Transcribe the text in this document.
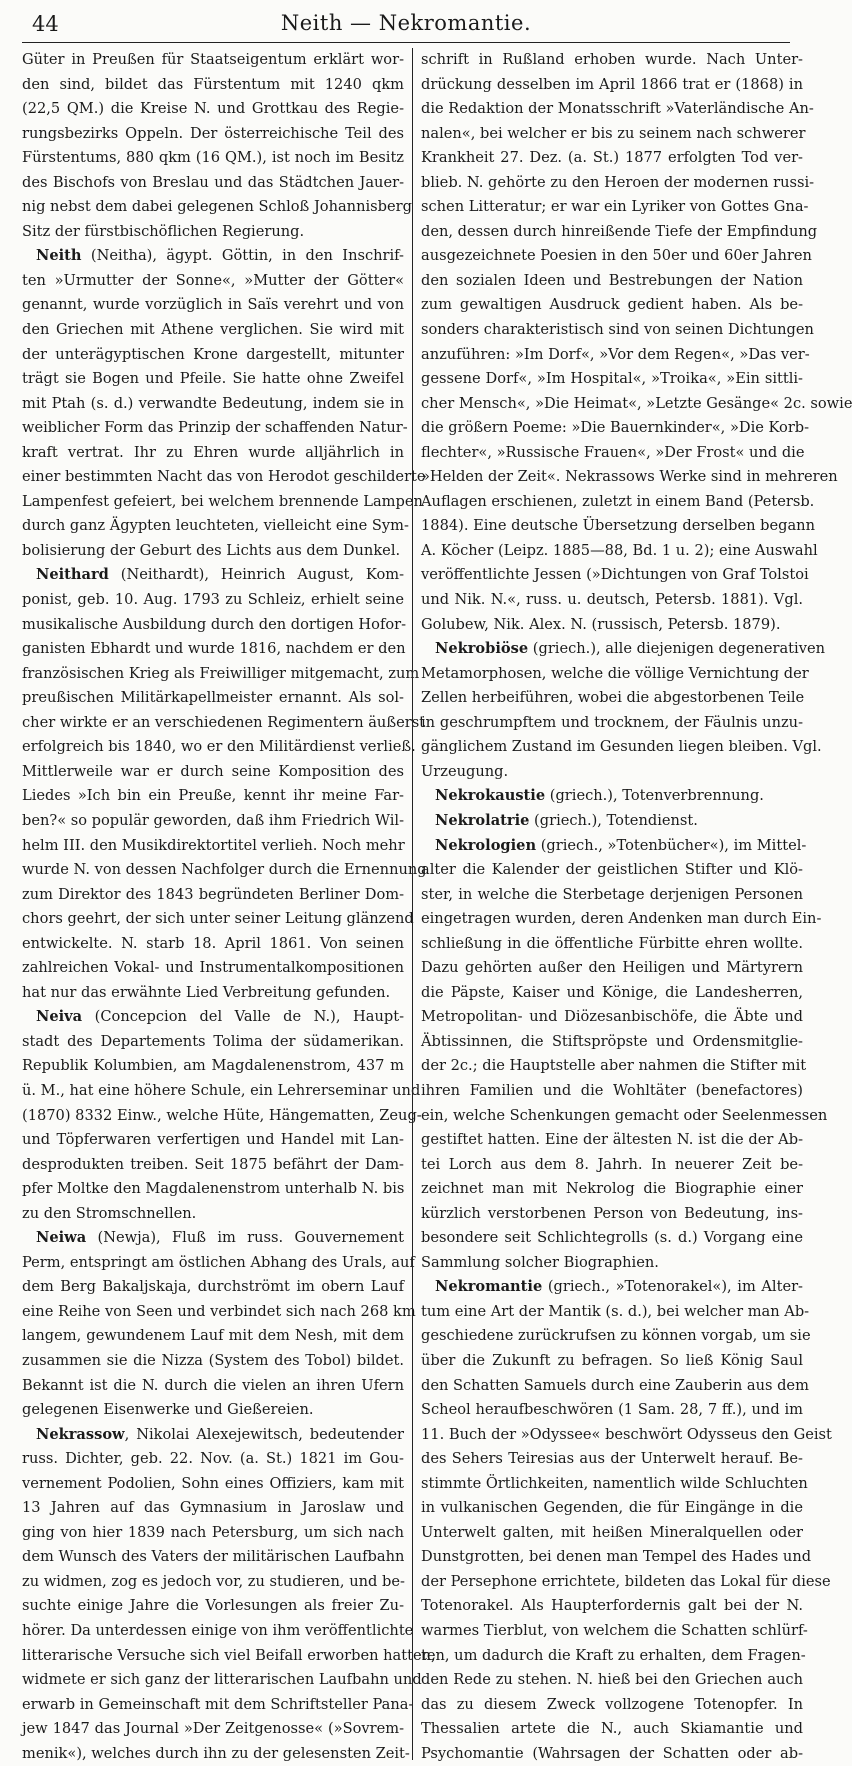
44	Neith — Nekromantie.
Güter in Preußen für Staatseigentum erklärt wor-
den sind, bildet das Fürstentum mit 1240 qkm
(22,5 QM.) die Kreise N. und Grottkau des Regie-
rungsbezirks Oppeln. Der österreichische Teil des
Fürstentums, 880 qkm (16 QM.), ist noch im Besitz
des Bischofs von Breslau und das Städtchen Jauer-
nig nebst dem dabei gelegenen Schloß Johannisberg
Sitz der fürstbischöflichen Regierung.
Neith (Neitha), ägypt. Göttin, in den Inschrif-
ten »Urmutter der Sonne«, »Mutter der Götter«
genannt, wurde vorzüglich in Saïs verehrt und von
den Griechen mit Athene verglichen. Sie wird mit
der unterägyptischen Krone dargestellt, mitunter
trägt sie Bogen und Pfeile. Sie hatte ohne Zweifel
mit Ptah (s. d.) verwandte Bedeutung, indem sie in
weiblicher Form das Prinzip der schaffenden Natur-
kraft vertrat. Ihr zu Ehren wurde alljährlich in
einer bestimmten Nacht das von Herodot geschilderte
Lampenfest gefeiert, bei welchem brennende Lampen
durch ganz Ägypten leuchteten, vielleicht eine Sym-
bolisierung der Geburt des Lichts aus dem Dunkel.
Neithard (Neithardt), Heinrich August, Kom-
ponist, geb. 10. Aug. 1793 zu Schleiz, erhielt seine
musikalische Ausbildung durch den dortigen Hofor-
ganisten Ebhardt und wurde 1816, nachdem er den
französischen Krieg als Freiwilliger mitgemacht, zum
preußischen Militärkapellmeister ernannt. Als sol-
cher wirkte er an verschiedenen Regimentern äußerst
erfolgreich bis 1840, wo er den Militärdienst verließ.
Mittlerweile war er durch seine Komposition des
Liedes »Ich bin ein Preuße, kennt ihr meine Far-
ben?« so populär geworden, daß ihm Friedrich Wil-
helm III. den Musikdirektortitel verlieh. Noch mehr
wurde N. von dessen Nachfolger durch die Ernennung
zum Direktor des 1843 begründeten Berliner Dom-
chors geehrt, der sich unter seiner Leitung glänzend
entwickelte. N. starb 18. April 1861. Von seinen
zahlreichen Vokal- und Instrumentalkompositionen
hat nur das erwähnte Lied Verbreitung gefunden.
Neiva (Concepcion del Valle de N.), Haupt-
stadt des Departements Tolima der südamerikan.
Republik Kolumbien, am Magdalenenstrom, 437 m
ü. M., hat eine höhere Schule, ein Lehrerseminar und
(1870) 8332 Einw., welche Hüte, Hängematten, Zeug-
und Töpferwaren verfertigen und Handel mit Lan-
desprodukten treiben. Seit 1875 befährt der Dam-
pfer Moltke den Magdalenenstrom unterhalb N. bis
zu den Stromschnellen.
Neiwa (Newja), Fluß im russ. Gouvernement
Perm, entspringt am östlichen Abhang des Urals, auf
dem Berg Bakaljskaja, durchströmt im obern Lauf
eine Reihe von Seen und verbindet sich nach 268 km
langem, gewundenem Lauf mit dem Nesh, mit dem
zusammen sie die Nizza (System des Tobol) bildet.
Bekannt ist die N. durch die vielen an ihren Ufern
gelegenen Eisenwerke und Gießereien.
Nekrassow, Nikolai Alexejewitsch, bedeutender
russ. Dichter, geb. 22. Nov. (a. St.) 1821 im Gou-
vernement Podolien, Sohn eines Offiziers, kam mit
13 Jahren auf das Gymnasium in Jaroslaw und
ging von hier 1839 nach Petersburg, um sich nach
dem Wunsch des Vaters der militärischen Laufbahn
zu widmen, zog es jedoch vor, zu studieren, und be-
suchte einige Jahre die Vorlesungen als freier Zu-
hörer. Da unterdessen einige von ihm veröffentlichte
litterarische Versuche sich viel Beifall erworben hatten,
widmete er sich ganz der litterarischen Laufbahn und
erwarb in Gemeinschaft mit dem Schriftsteller Pana-
jew 1847 das Journal »Der Zeitgenosse« (»Sovrem-
menik«), welches durch ihn zu der gelesensten Zeit-
schrift in Rußland erhoben wurde. Nach Unter-
drückung desselben im April 1866 trat er (1868) in
die Redaktion der Monatsschrift »Vaterländische An-
nalen«, bei welcher er bis zu seinem nach schwerer
Krankheit 27. Dez. (a. St.) 1877 erfolgten Tod ver-
blieb. N. gehörte zu den Heroen der modernen russi-
schen Litteratur; er war ein Lyriker von Gottes Gna-
den, dessen durch hinreißende Tiefe der Empfindung
ausgezeichnete Poesien in den 50er und 60er Jahren
den sozialen Ideen und Bestrebungen der Nation
zum gewaltigen Ausdruck gedient haben. Als be-
sonders charakteristisch sind von seinen Dichtungen
anzuführen: »Im Dorf«, »Vor dem Regen«, »Das ver-
gessene Dorf«, »Im Hospital«, »Troika«, »Ein sittli-
cher Mensch«, »Die Heimat«, »Letzte Gesänge« 2c. sowie
die größern Poeme: »Die Bauernkinder«, »Die Korb-
flechter«, »Russische Frauen«, »Der Frost« und die
»Helden der Zeit«. Nekrassows Werke sind in mehreren
Auflagen erschienen, zuletzt in einem Band (Petersb.
1884). Eine deutsche Übersetzung derselben begann
A. Köcher (Leipz. 1885—88, Bd. 1 u. 2); eine Auswahl
veröffentlichte Jessen (»Dichtungen von Graf Tolstoi
und Nik. N.«, russ. u. deutsch, Petersb. 1881). Vgl.
Golubew, Nik. Alex. N. (russisch, Petersb. 1879).
Nekrobiöse (griech.), alle diejenigen degenerativen
Metamorphosen, welche die völlige Vernichtung der
Zellen herbeiführen, wobei die abgestorbenen Teile
in geschrumpftem und trocknem, der Fäulnis unzu-
gänglichem Zustand im Gesunden liegen bleiben. Vgl.
Urzeugung.
Nekrokaustie (griech.), Totenverbrennung.
Nekrolatrie (griech.), Totendienst.
Nekrologien (griech., »Totenbücher«), im Mittel-
alter die Kalender der geistlichen Stifter und Klö-
ster, in welche die Sterbetage derjenigen Personen
eingetragen wurden, deren Andenken man durch Ein-
schließung in die öffentliche Fürbitte ehren wollte.
Dazu gehörten außer den Heiligen und Märtyrern
die Päpste, Kaiser und Könige, die Landesherren,
Metropolitan- und Diözesanbischöfe, die Äbte und
Äbtissinnen, die Stiftspröpste und Ordensmitglie-
der 2c.; die Hauptstelle aber nahmen die Stifter mit
ihren Familien und die Wohltäter (benefactores)
ein, welche Schenkungen gemacht oder Seelenmessen
gestiftet hatten. Eine der ältesten N. ist die der Ab-
tei Lorch aus dem 8. Jahrh. In neuerer Zeit be-
zeichnet man mit Nekrolog die Biographie einer
kürzlich verstorbenen Person von Bedeutung, ins-
besondere seit Schlichtegrolls (s. d.) Vorgang eine
Sammlung solcher Biographien.
Nekromantie (griech., »Totenorakel«), im Alter-
tum eine Art der Mantik (s. d.), bei welcher man Ab-
geschiedene zurückrufsen zu können vorgab, um sie
über die Zukunft zu befragen. So ließ König Saul
den Schatten Samuels durch eine Zauberin aus dem
Scheol heraufbeschwören (1 Sam. 28, 7 ff.), und im
11. Buch der »Odyssee« beschwört Odysseus den Geist
des Sehers Teiresias aus der Unterwelt herauf. Be-
stimmte Örtlichkeiten, namentlich wilde Schluchten
in vulkanischen Gegenden, die für Eingänge in die
Unterwelt galten, mit heißen Mineralquellen oder
Dunstgrotten, bei denen man Tempel des Hades und
der Persephone errichtete, bildeten das Lokal für diese
Totenorakel. Als Haupterfordernis galt bei der N.
warmes Tierblut, von welchem die Schatten schlürf-
ten, um dadurch die Kraft zu erhalten, dem Fragen-
den Rede zu stehen. N. hieß bei den Griechen auch
das zu diesem Zweck vollzogene Totenopfer. In
Thessalien artete die N., auch Skiamantie und
Psychomantie (Wahrsagen der Schatten oder ab-
